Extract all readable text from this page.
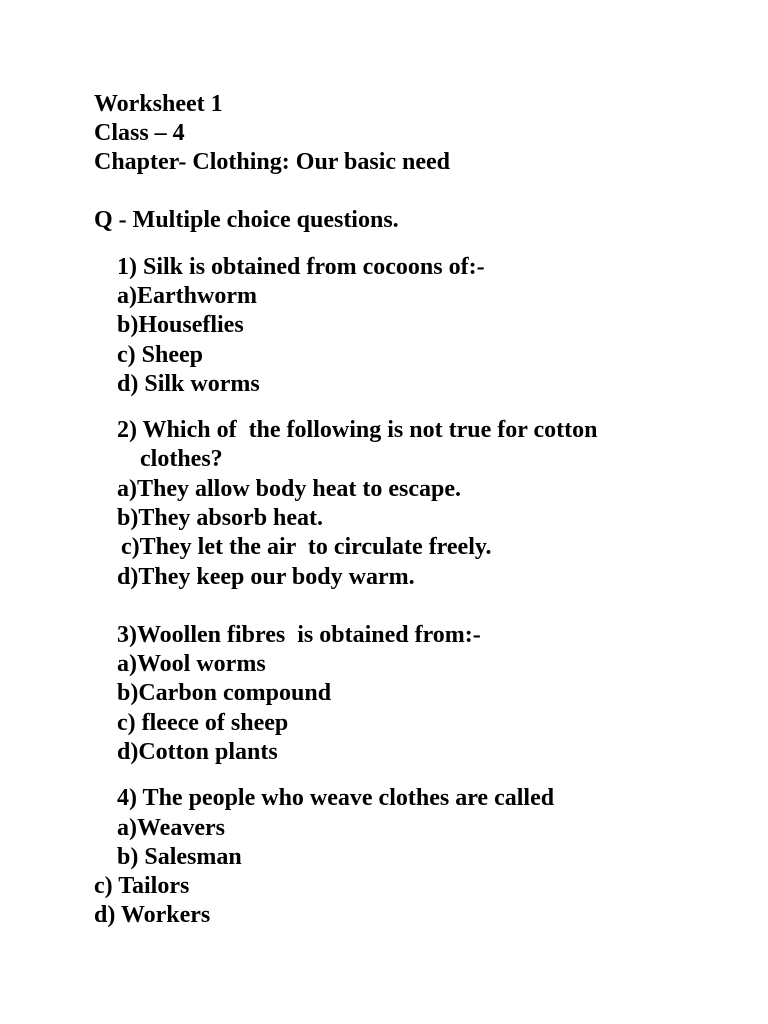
Worksheet 1

Class – 4

Chapter- Clothing: Our basic need

Q - Multiple choice questions.

1) Silk is obtained from cocoons of:-

a)Earthworm

b)Houseflies

c) Sheep

d) Silk worms

2) Which of  the following is not true for cotton

clothes?

a)They allow body heat to escape.

b)They absorb heat.

c)They let the air  to circulate freely.

d)They keep our body warm.

3)Woollen fibres  is obtained from:-

a)Wool worms

b)Carbon compound

c) fleece of sheep

d)Cotton plants

4) The people who weave clothes are called

a)Weavers

b) Salesman

c) Tailors

d) Workers
